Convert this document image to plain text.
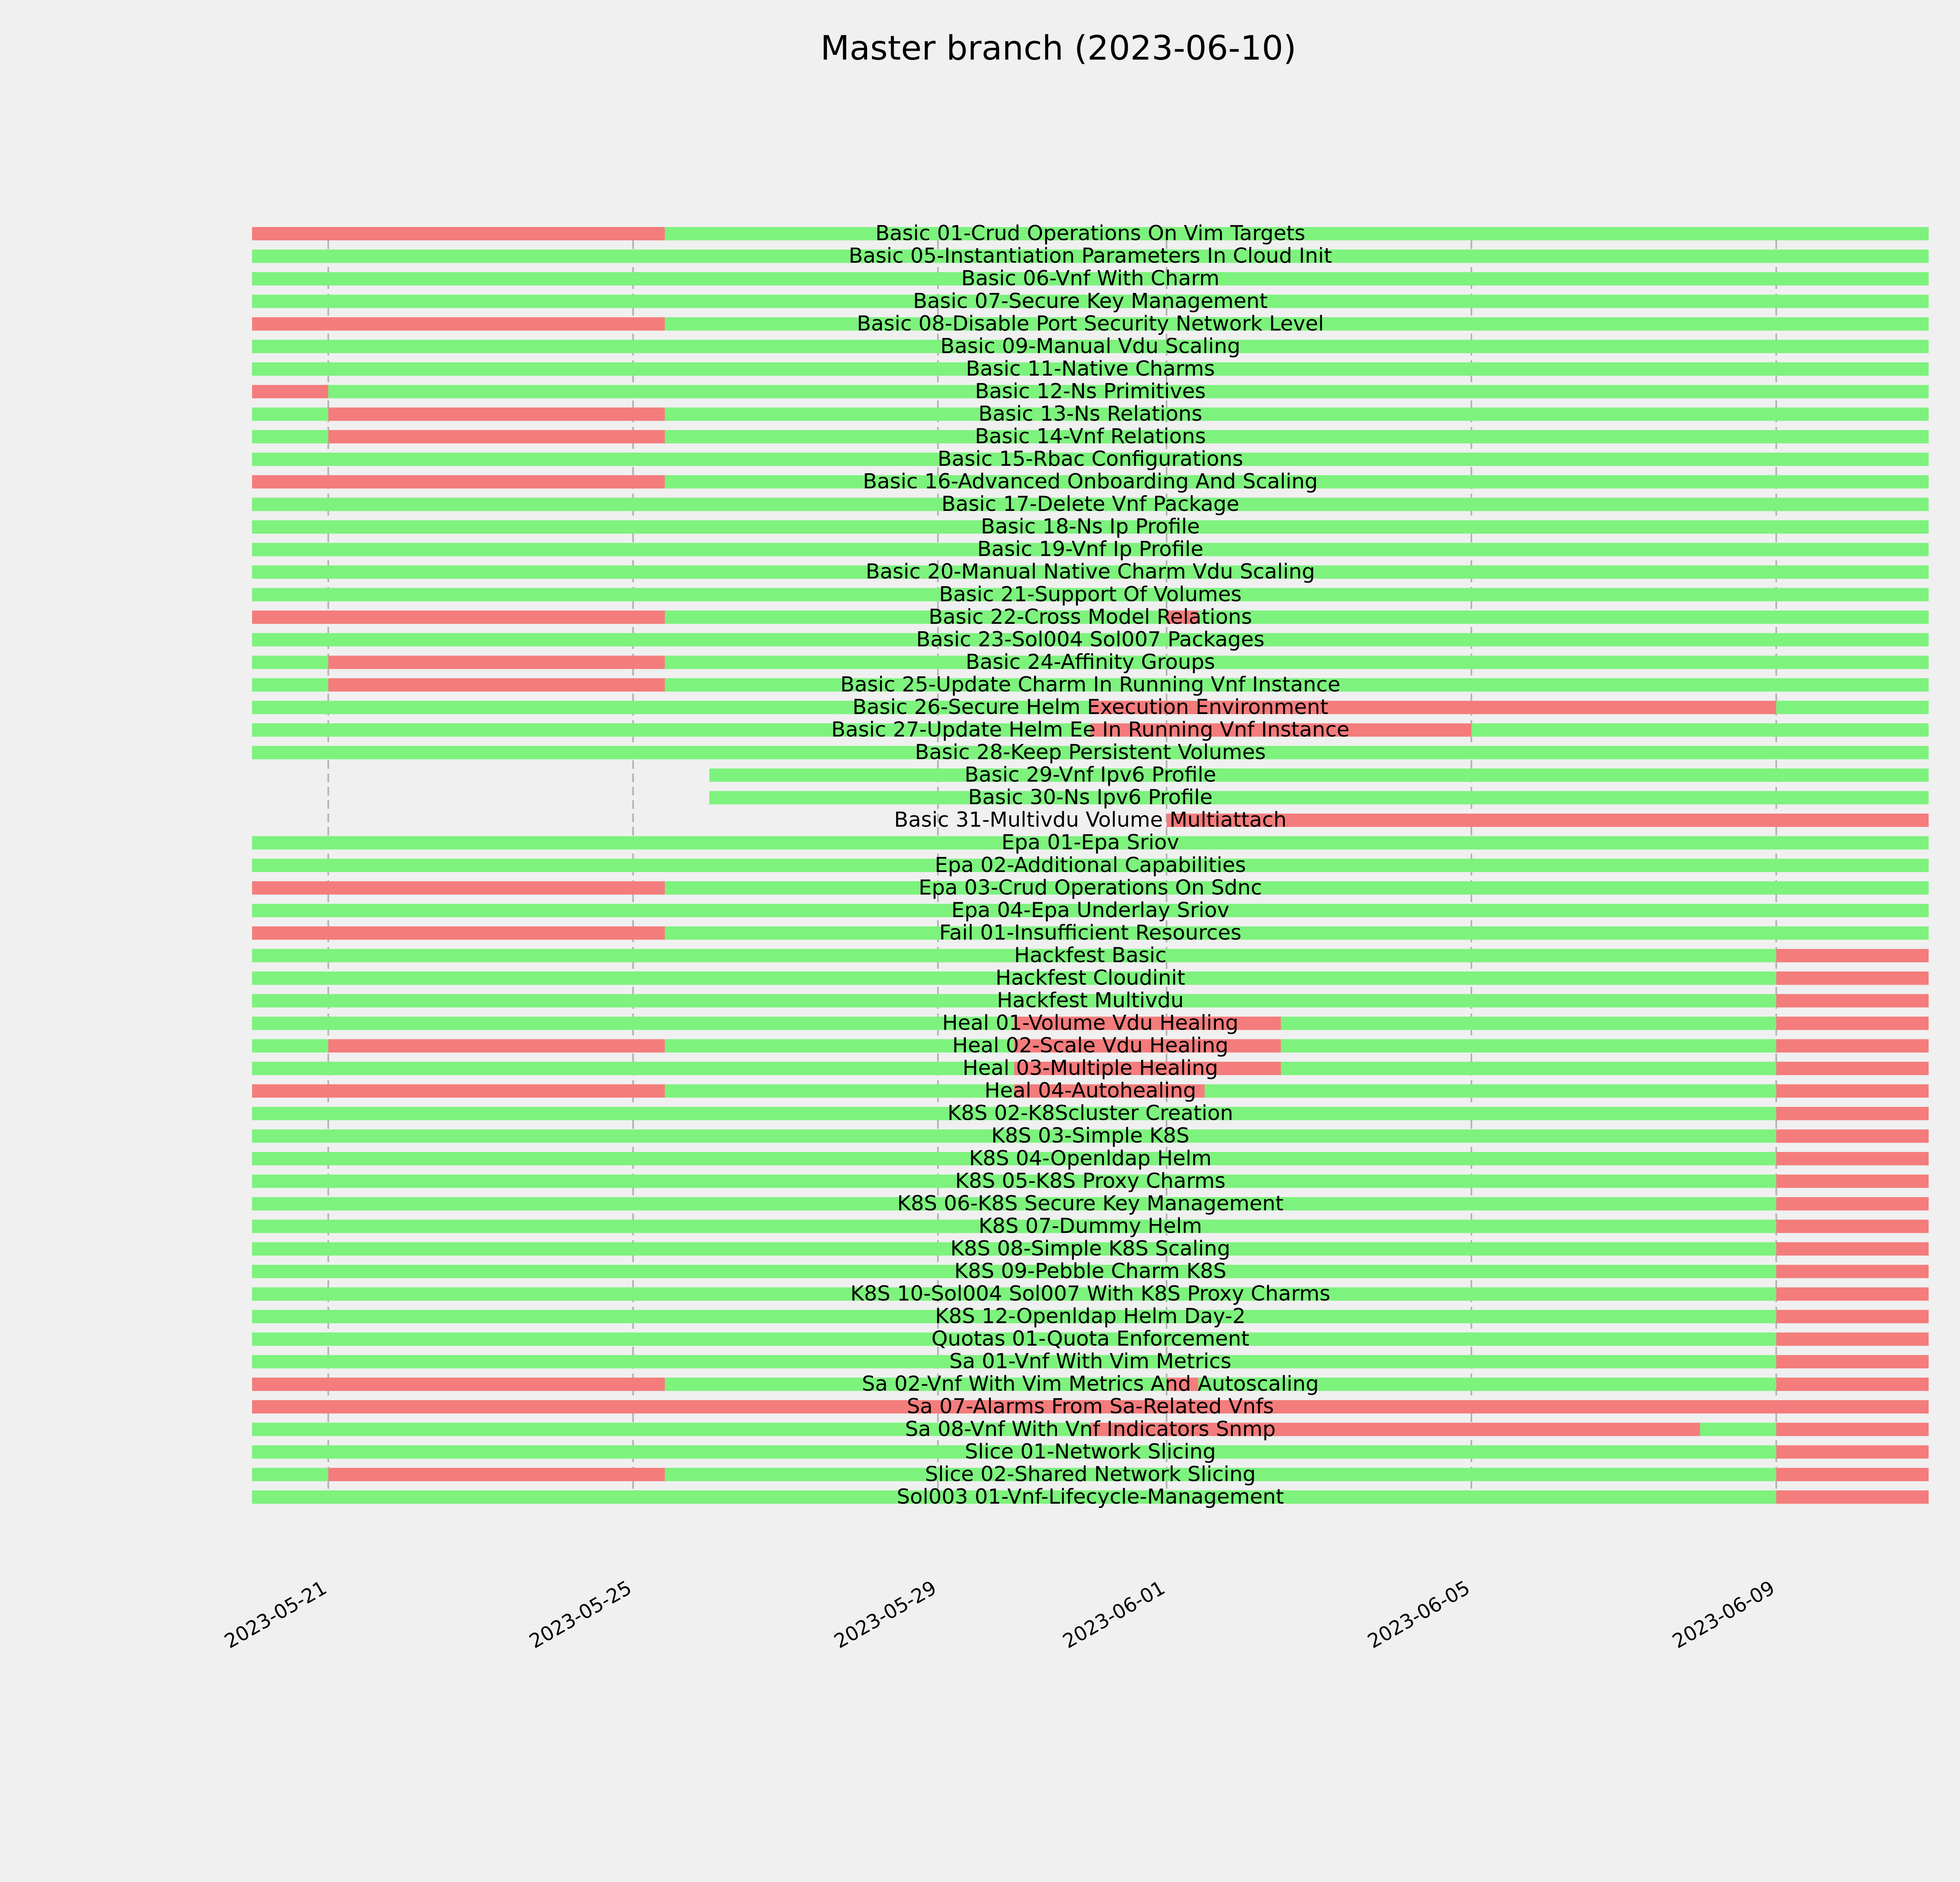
Master branch (2023-06-10)
Basic 01-Crud Operations On Vim Targets
Basic 05-Instantiation Parameters In Cloud Init
Basic 06-Vnf With Charm
Basic 07-Secure Key Management
Basic 08-Disable Port Security Network Level
Basic 09-Manual Vdu Scaling
Basic 11-Native Charms
Basic 12-Ns Primitives
Basic 13-Ns Relations
Basic 14-Vnf Relations
Basic 15-Rbac Configurations
Basic 16-Advanced Onboarding And Scaling
Basic 17-Delete Vnf Package
Basic 18-Ns Ip Profile
Basic 19-Vnf Ip Profile
Basic 20-Manual Native Charm Vdu Scaling
Basic 21-Support Of Volumes
Basic 22-Cross Model Relations
Basic 23-Sol004 Sol007 Packages
Basic 24-Affinity Groups
Basic 25-Update Charm In Running Vnf Instance
Basic 26-Secure Helm Execution Environment
Basic 27-Update Helm Ee In Running Vnf Instance
Basic 28-Keep Persistent Volumes
Basic 29-Vnf Ipv6 Profile
Basic 30-Ns Ipv6 Profile
Basic 31-Multivdu Volume Multiattach
Epa 01-Epa Sriov
Epa 02-Additional Capabilities
Epa 03-Crud Operations On Sdnc
Epa 04-Epa Underlay Sriov
Fail 01-Insufficient Resources
Hackfest Basic
Hackfest Cloudinit
Hackfest Multivdu
Heal 01-Volume Vdu Healing
Heal 02-Scale Vdu Healing
Heal 03-Multiple Healing
Heal 04-Autohealing
K8S 02-K8Scluster Creation
K8S 03-Simple K8S
K8S 04-Openldap Helm
K8S 05-K8S Proxy Charms
K8S 06-K8S Secure Key Management
K8S 07-Dummy Helm
K8S 08-Simple K8S Scaling
K8S 09-Pebble Charm K8S
K8S 10-Sol004 Sol007 With K8S Proxy Charms
K8S 12-Openldap Helm Day-2
Quotas 01-Quota Enforcement
Sa 01-Vnf With Vim Metrics
Sa 02-Vnf With Vim Metrics And Autoscaling
Sa 07-Alarms From Sa-Related Vnfs
Sa 08-Vnf With Vnf Indicators Snmp
Slice 01-Network Slicing
Slice 02-Shared Network Slicing
Sol003 01-Vnf-Lifecycle-Management
2023-05-21	2023-05-25	2023-05-29	2023-06-01	2023-06-05	2023-06-09
